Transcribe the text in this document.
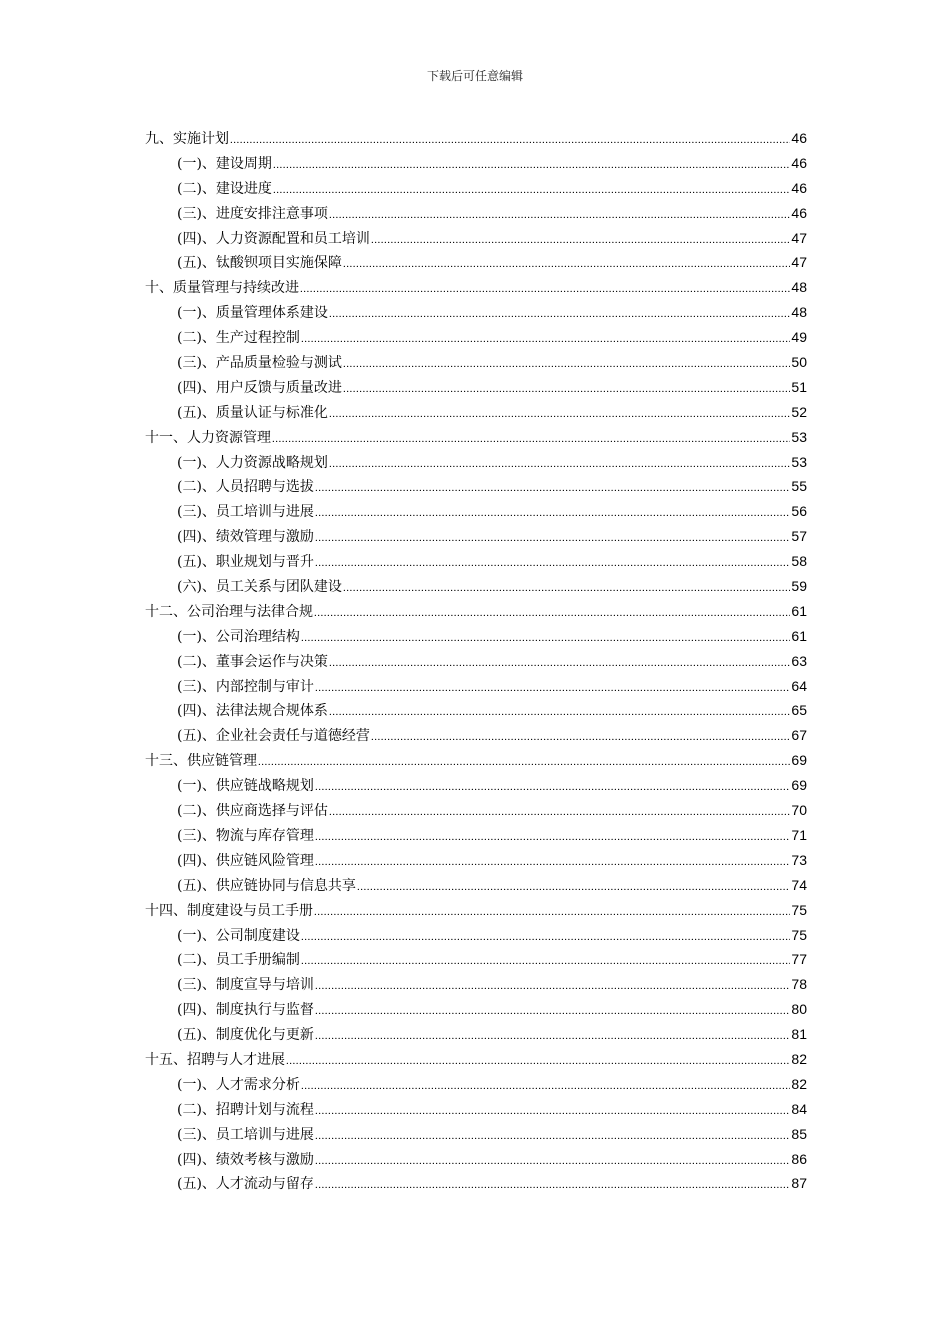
下载后可任意编辑
九、实施计划 .....	46
(一)、建设周期 .....	46
(二)、建设进度 .....	46
(三)、进度安排注意事项 .....	46
(四)、人力资源配置和员工培训 .....	47
(五)、钛酸钡项目实施保障 .....	47
十、质量管理与持续改进 .....	48
(一)、质量管理体系建设 .....	48
(二)、生产过程控制 .....	49
(三)、产品质量检验与测试 .....	50
(四)、用户反馈与质量改进 .....	51
(五)、质量认证与标准化 .....	52
十一、人力资源管理 .....	53
(一)、人力资源战略规划 .....	53
(二)、人员招聘与选拔 .....	55
(三)、员工培训与进展 .....	56
(四)、绩效管理与激励 .....	57
(五)、职业规划与晋升 .....	58
(六)、员工关系与团队建设 .....	59
十二、公司治理与法律合规 .....	61
(一)、公司治理结构 .....	61
(二)、董事会运作与决策 .....	63
(三)、内部控制与审计 .....	64
(四)、法律法规合规体系 .....	65
(五)、企业社会责任与道德经营 .....	67
十三、供应链管理 .....	69
(一)、供应链战略规划 .....	69
(二)、供应商选择与评估 .....	70
(三)、物流与库存管理 .....	71
(四)、供应链风险管理 .....	73
(五)、供应链协同与信息共享 .....	74
十四、制度建设与员工手册 .....	75
(一)、公司制度建设 .....	75
(二)、员工手册编制 .....	77
(三)、制度宣导与培训 .....	78
(四)、制度执行与监督 .....	80
(五)、制度优化与更新 .....	81
十五、招聘与人才进展 .....	82
(一)、人才需求分析 .....	82
(二)、招聘计划与流程 .....	84
(三)、员工培训与进展 .....	85
(四)、绩效考核与激励 .....	86
(五)、人才流动与留存 .....	87
